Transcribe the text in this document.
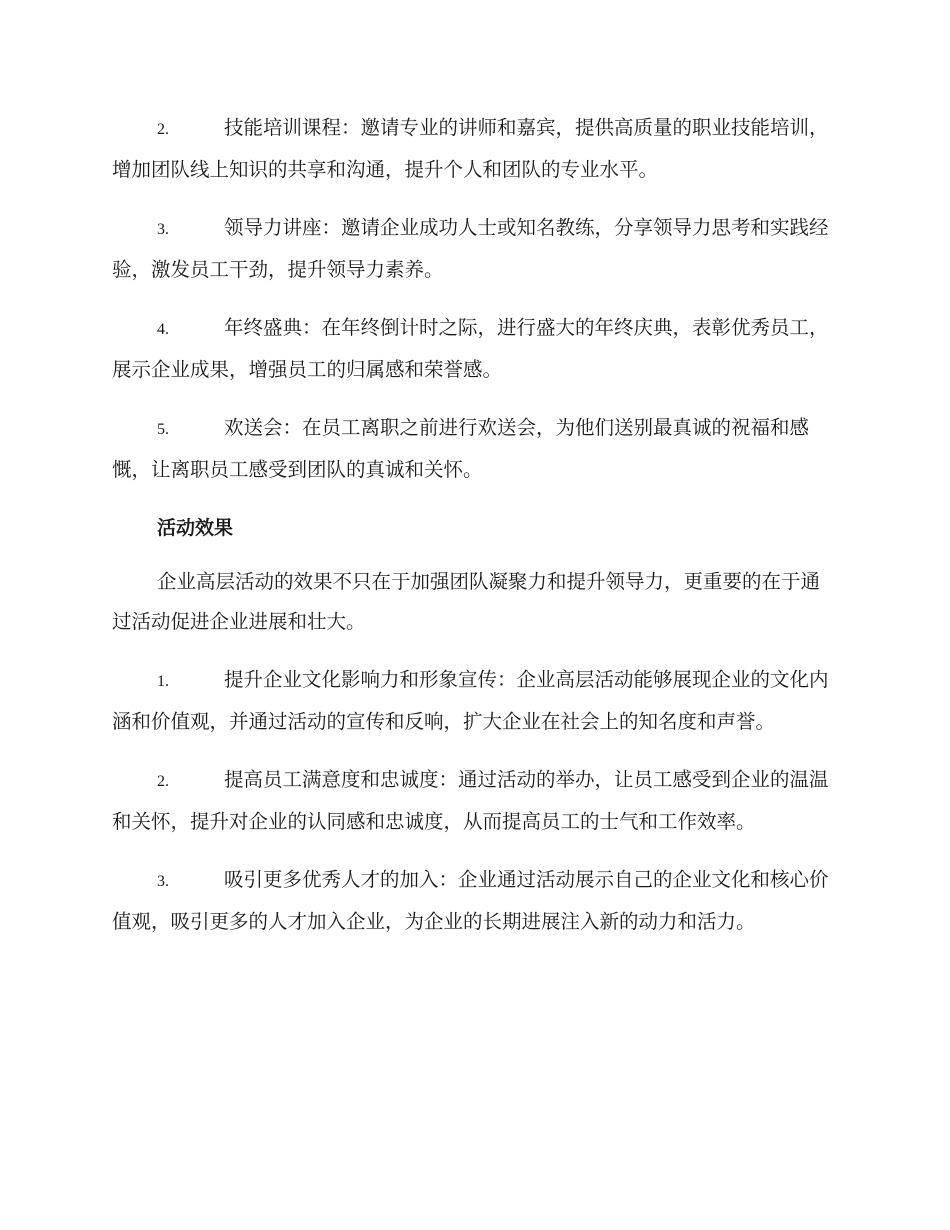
2.	技能培训课程：邀请专业的讲师和嘉宾，提供高质量的职业技能培训，增加团队线上知识的共享和沟通，提升个人和团队的专业水平。

3.	领导力讲座：邀请企业成功人士或知名教练，分享领导力思考和实践经验，激发员工干劲，提升领导力素养。

4.	年终盛典：在年终倒计时之际，进行盛大的年终庆典，表彰优秀员工，展示企业成果，增强员工的归属感和荣誉感。

5.	欢送会：在员工离职之前进行欢送会，为他们送别最真诚的祝福和感慨，让离职员工感受到团队的真诚和关怀。

活动效果

企业高层活动的效果不只在于加强团队凝聚力和提升领导力，更重要的在于通过活动促进企业进展和壮大。

1.	提升企业文化影响力和形象宣传：企业高层活动能够展现企业的文化内涵和价值观，并通过活动的宣传和反响，扩大企业在社会上的知名度和声誉。

2.	提高员工满意度和忠诚度：通过活动的举办，让员工感受到企业的温温和关怀，提升对企业的认同感和忠诚度，从而提高员工的士气和工作效率。

3.	吸引更多优秀人才的加入：企业通过活动展示自己的企业文化和核心价值观，吸引更多的人才加入企业，为企业的长期进展注入新的动力和活力。
